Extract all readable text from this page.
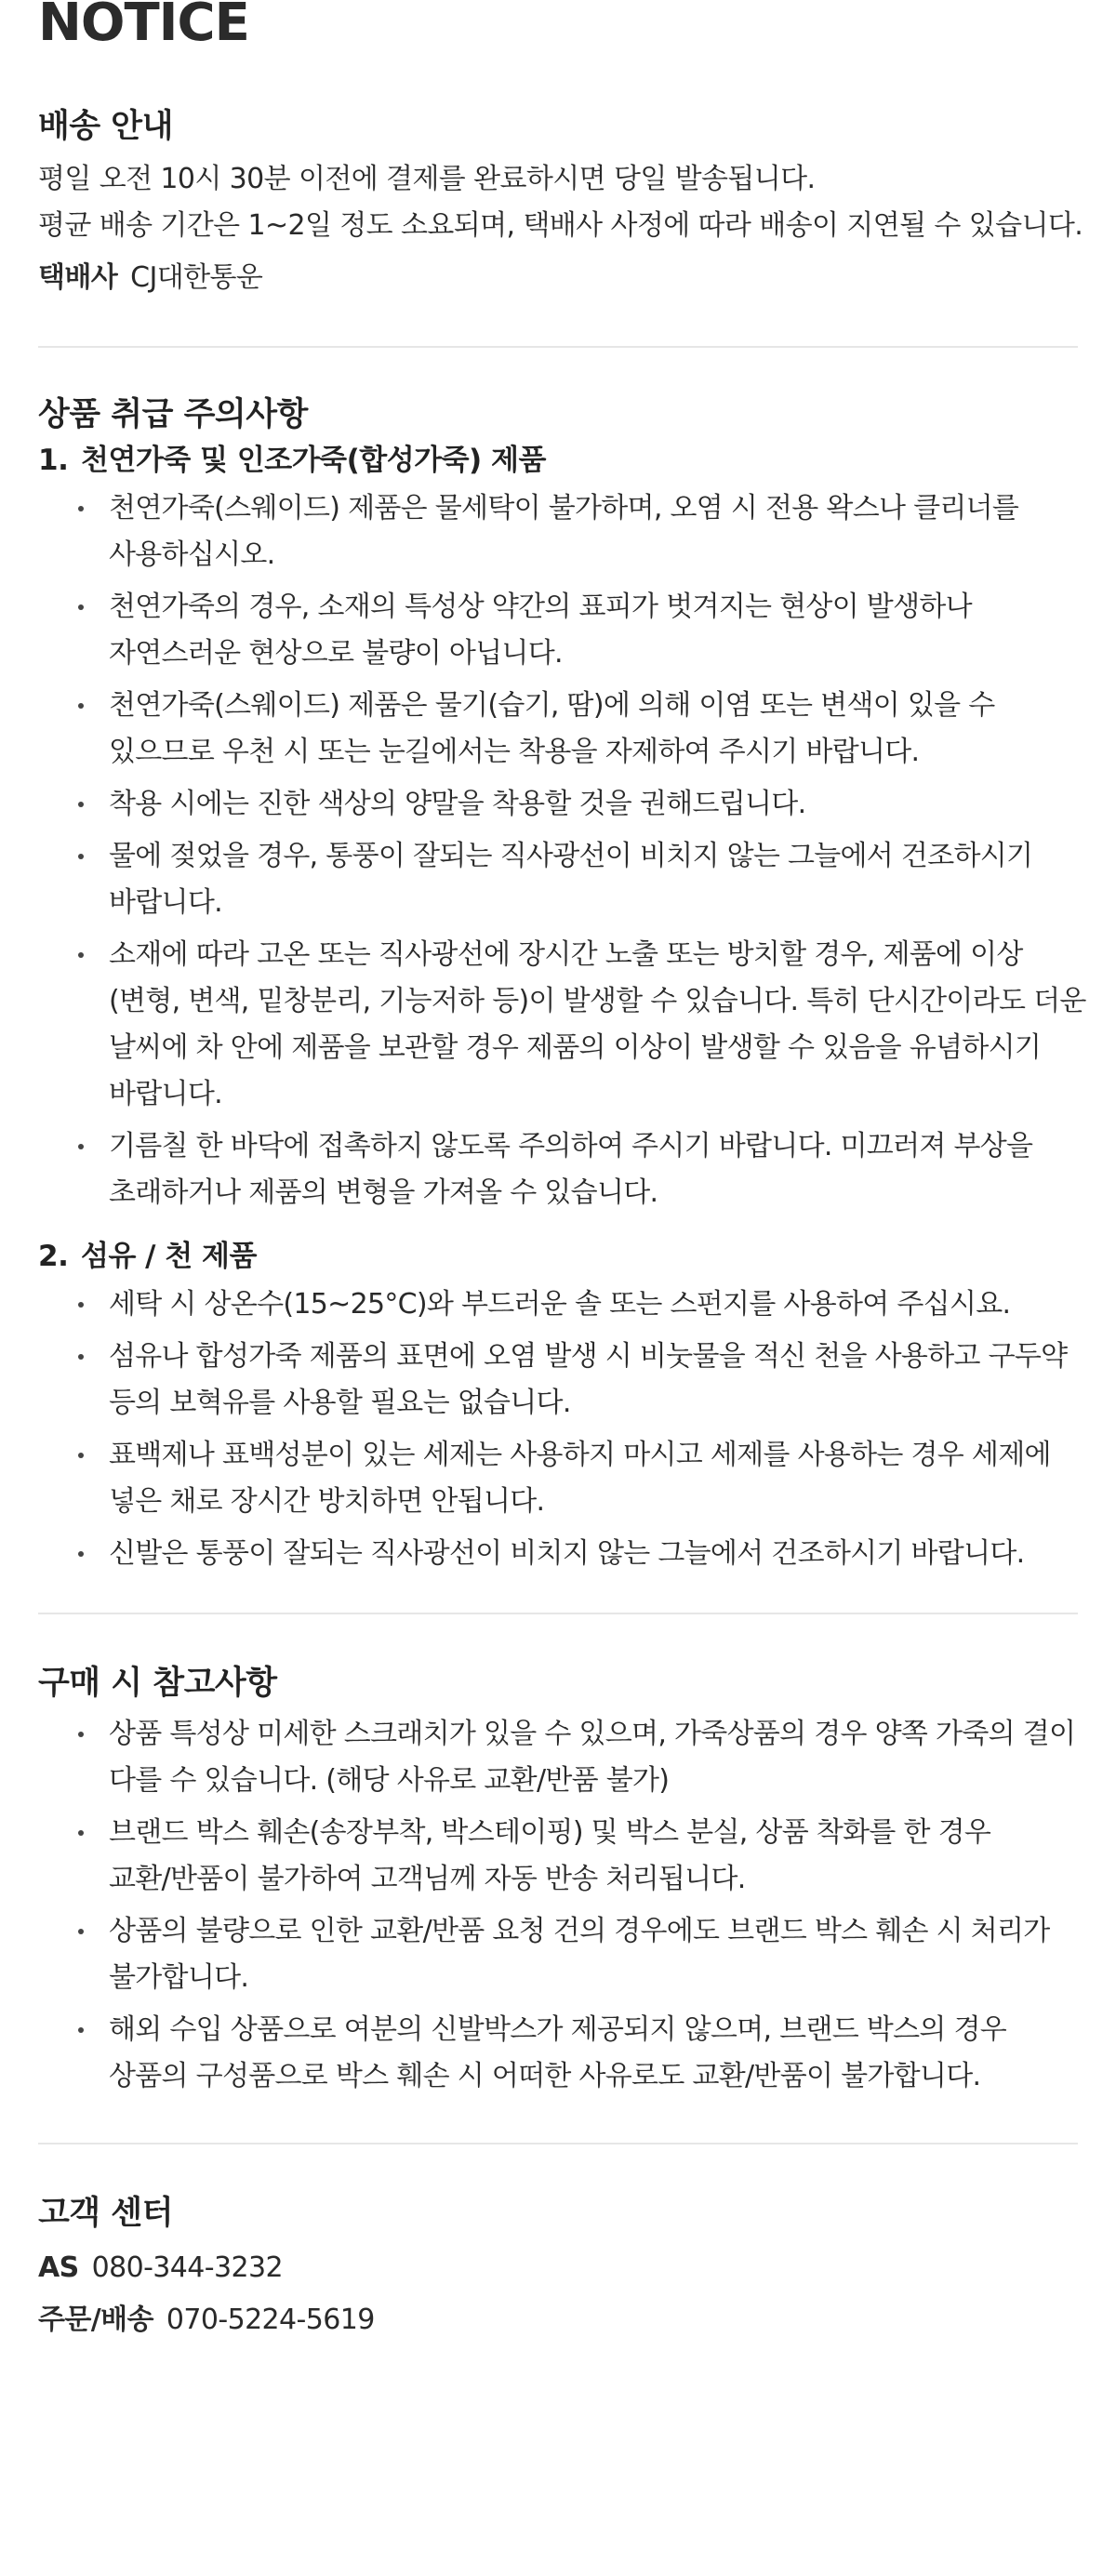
NOTICE
배송 안내

평일 오전 10시 30분 이전에 결제를 완료하시면 당일 발송됩니다.

평균 배송 기간은 1~2일 정도 소요되며, 택배사 사정에 따라 배송이 지연될 수 있습니다.

택배사 CJ대한통운

상품 취급 주의사항

1. 천연가죽 및 인조가죽(합성가죽) 제품

천연가죽(스웨이드) 제품은 물세탁이 불가하며, 오염 시 전용 왁스나 클리너를
사용하십시오.
천연가죽의 경우, 소재의 특성상 약간의 표피가 벗겨지는 현상이 발생하나
자연스러운 현상으로 불량이 아닙니다.
천연가죽(스웨이드) 제품은 물기(습기, 땀)에 의해 이염 또는 변색이 있을 수
있으므로 우천 시 또는 눈길에서는 착용을 자제하여 주시기 바랍니다.
착용 시에는 진한 색상의 양말을 착용할 것을 권해드립니다.
물에 젖었을 경우, 통풍이 잘되는 직사광선이 비치지 않는 그늘에서 건조하시기
바랍니다.
소재에 따라 고온 또는 직사광선에 장시간 노출 또는 방치할 경우, 제품에 이상
(변형, 변색, 밑창분리, 기능저하 등)이 발생할 수 있습니다. 특히 단시간이라도 더운
날씨에 차 안에 제품을 보관할 경우 제품의 이상이 발생할 수 있음을 유념하시기
바랍니다.
기름칠 한 바닥에 접촉하지 않도록 주의하여 주시기 바랍니다. 미끄러져 부상을
초래하거나 제품의 변형을 가져올 수 있습니다.

2. 섬유 / 천 제품

세탁 시 상온수(15~25°C)와 부드러운 솔 또는 스펀지를 사용하여 주십시요.
섬유나 합성가죽 제품의 표면에 오염 발생 시 비눗물을 적신 천을 사용하고 구두약
등의 보혁유를 사용할 필요는 없습니다.
표백제나 표백성분이 있는 세제는 사용하지 마시고 세제를 사용하는 경우 세제에
넣은 채로 장시간 방치하면 안됩니다.
신발은 통풍이 잘되는 직사광선이 비치지 않는 그늘에서 건조하시기 바랍니다.
구매 시 참고사항
상품 특성상 미세한 스크래치가 있을 수 있으며, 가죽상품의 경우 양쪽 가죽의 결이
다를 수 있습니다. (해당 사유로 교환/반품 불가)
브랜드 박스 훼손(송장부착, 박스테이핑) 및 박스 분실, 상품 착화를 한 경우
교환/반품이 불가하여 고객님께 자동 반송 처리됩니다.
상품의 불량으로 인한 교환/반품 요청 건의 경우에도 브랜드 박스 훼손 시 처리가
불가합니다.
해외 수입 상품으로 여분의 신발박스가 제공되지 않으며, 브랜드 박스의 경우
상품의 구성품으로 박스 훼손 시 어떠한 사유로도 교환/반품이 불가합니다.
고객 센터

AS 080-344-3232

주문/배송 070-5224-5619
